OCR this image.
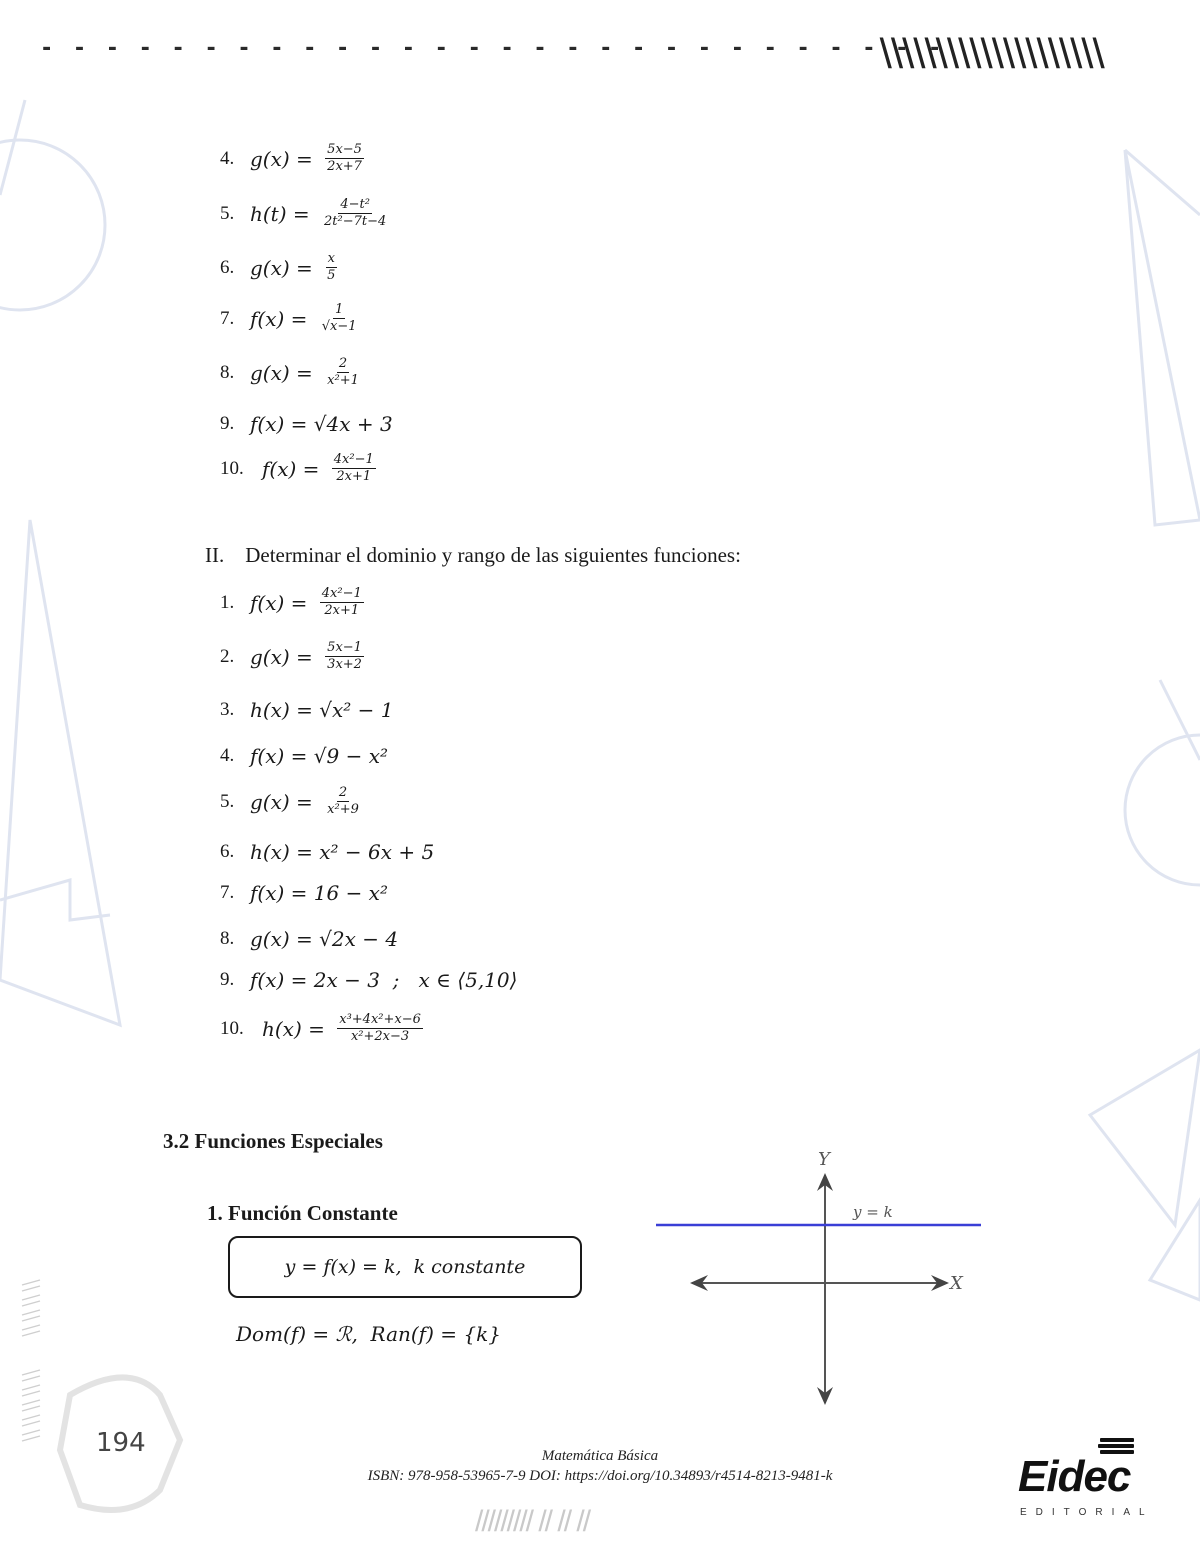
- - - - - - - - - - - - - - - - - - - - - - - - - - - -
\\\\\\\\\\\\\\\\\\\\
4. $g(x) = \frac{5x-5}{2x+7}$
5. $h(t) = \frac{\text{4−t²}}{\text{2t²−7t−4}}$
6. $g(x) = \frac{x}{5}$
7. $f(x) = \frac{1}{√x-1}$
8. $g(x) = \frac{2}{\text{x²+1}}$
9. f(x) = √4x + 3
10. $f(x) = \frac{\text{4x²−1}}{2x+1}$
II.    Determinar el dominio y rango de las siguientes funciones:
1. $f(x) = \frac{\text{4x²−1}}{2x+1}$
2. $g(x) = \frac{5x-1}{3x+2}$
3. h(x) = √x² − 1
4. f(x) = √9 − x²
5. $g(x) = \frac{2}{\text{x²+9}}$
6. h(x) = x² − 6x + 5
7. f(x) = 16 − x²
8. g(x) = √2x − 4
9. f(x) = 2x − 3  ;   x ∈ ⟨5,10⟩
10. $h(x) = \frac{\text{x³+4x²+x−6}}{\text{x²+2x−3}}$
3.2 Funciones Especiales
1. Función Constante
y = f(x) = k,  k constante
Dom(f) = ℛ,  Ran(f) = {k}
Y
X
y = k
194	Matemática Básica
ISBN: 978-958-53965-7-9 DOI: https://doi.org/10.34893/r4514-8213-9481-k
///////// // // //
Eidec
EDITORIAL
